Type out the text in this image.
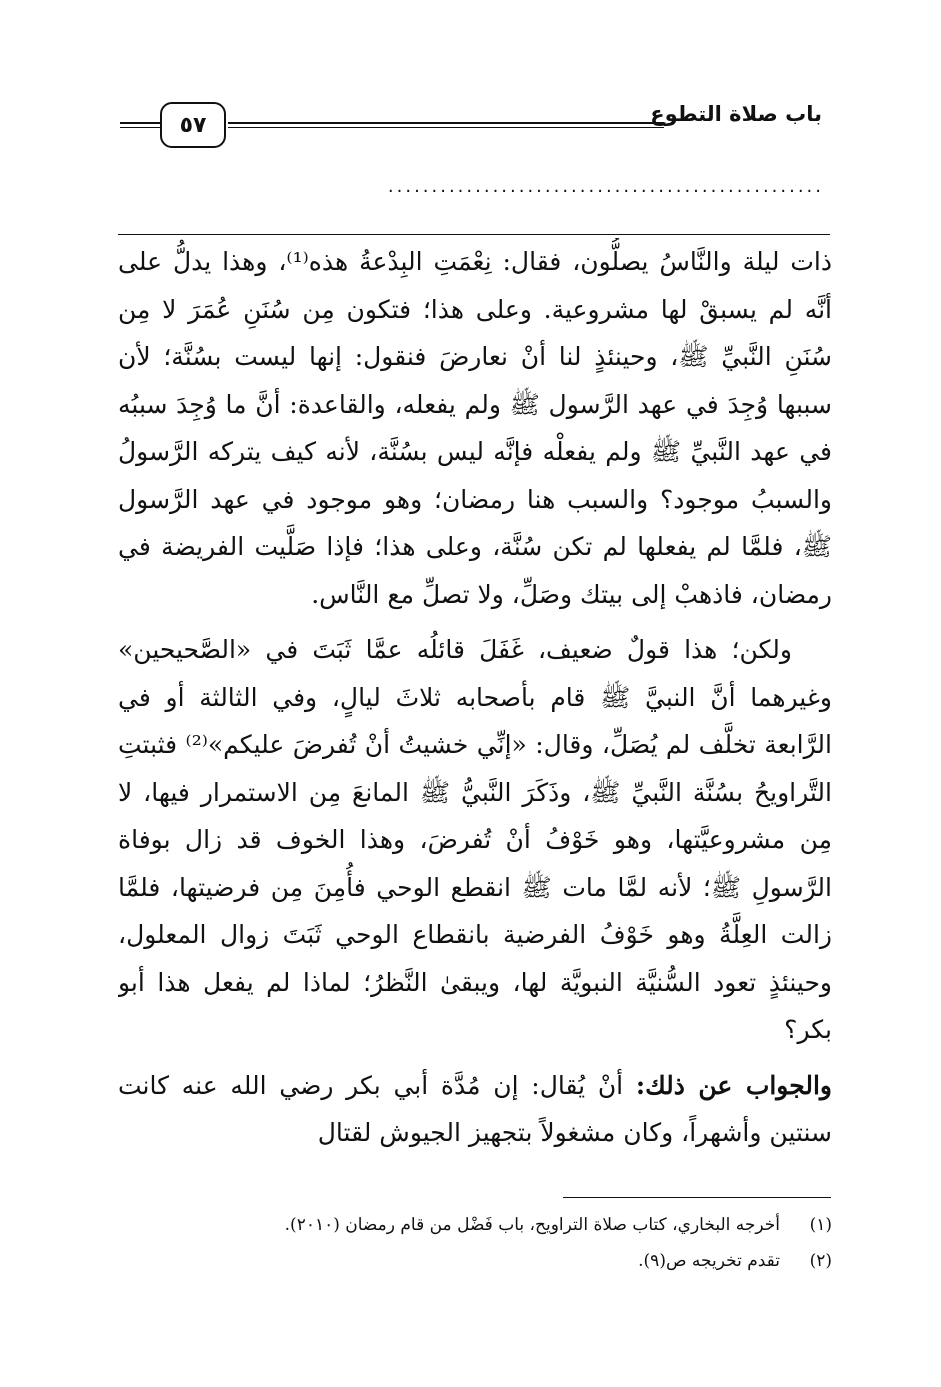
باب صلاة التطوع
٥٧
..................................................

ذات ليلة والنَّاسُ يصلُّون، فقال: نِعْمَتِ البِدْعةُ هذه⁽¹⁾، وهذا يدلُّ على أنَّه لم يسبقْ لها مشروعية. وعلى هذا؛ فتكون مِن سُنَنِ عُمَرَ لا مِن سُنَنِ النَّبيِّ ﷺ، وحينئذٍ لنا أنْ نعارضَ فنقول: إنها ليست بسُنَّة؛ لأن سببها وُجِدَ في عهد الرَّسول ﷺ ولم يفعله، والقاعدة: أنَّ ما وُجِدَ سببُه في عهد النَّبيِّ ﷺ ولم يفعلْه فإنَّه ليس بسُنَّة، لأنه كيف يتركه الرَّسولُ والسببُ موجود؟ والسبب هنا رمضان؛ وهو موجود في عهد الرَّسول ﷺ، فلمَّا لم يفعلها لم تكن سُنَّة، وعلى هذا؛ فإذا صَلَّيت الفريضة في رمضان، فاذهبْ إلى بيتك وصَلِّ، ولا تصلِّ مع النَّاس.

ولكن؛ هذا قولٌ ضعيف، غَفَلَ قائلُه عمَّا ثَبَتَ في «الصَّحيحين» وغيرهما أنَّ النبيَّ ﷺ قام بأصحابه ثلاثَ ليالٍ، وفي الثالثة أو في الرَّابعة تخلَّف لم يُصَلِّ، وقال: «إنِّي خشيتُ أنْ تُفرضَ عليكم»⁽²⁾ فثبتتِ التَّراويحُ بسُنَّة النَّبيِّ ﷺ، وذَكَرَ النَّبيُّ ﷺ المانعَ مِن الاستمرار فيها، لا مِن مشروعيَّتها، وهو خَوْفُ أنْ تُفرضَ، وهذا الخوف قد زال بوفاة الرَّسولِ ﷺ؛ لأنه لمَّا مات ﷺ انقطع الوحي فأُمِنَ مِن فرضيتها، فلمَّا زالت العِلَّةُ وهو خَوْفُ الفرضية بانقطاع الوحي ثَبَتَ زوال المعلول، وحينئذٍ تعود السُّنيَّة النبويَّة لها، ويبقىٰ النَّظرُ؛ لماذا لم يفعل هذا أبو بكر؟

والجواب عن ذلك: أنْ يُقال: إن مُدَّة أبي بكر رضي الله عنه كانت سنتين وأشهراً، وكان مشغولاً بتجهيز الجيوش لقتال

(١)
أخرجه البخاري، كتاب صلاة التراويح، باب فَضْل من قام رمضان (٢٠١٠).
(٢)
تقدم تخريجه ص(٩).
